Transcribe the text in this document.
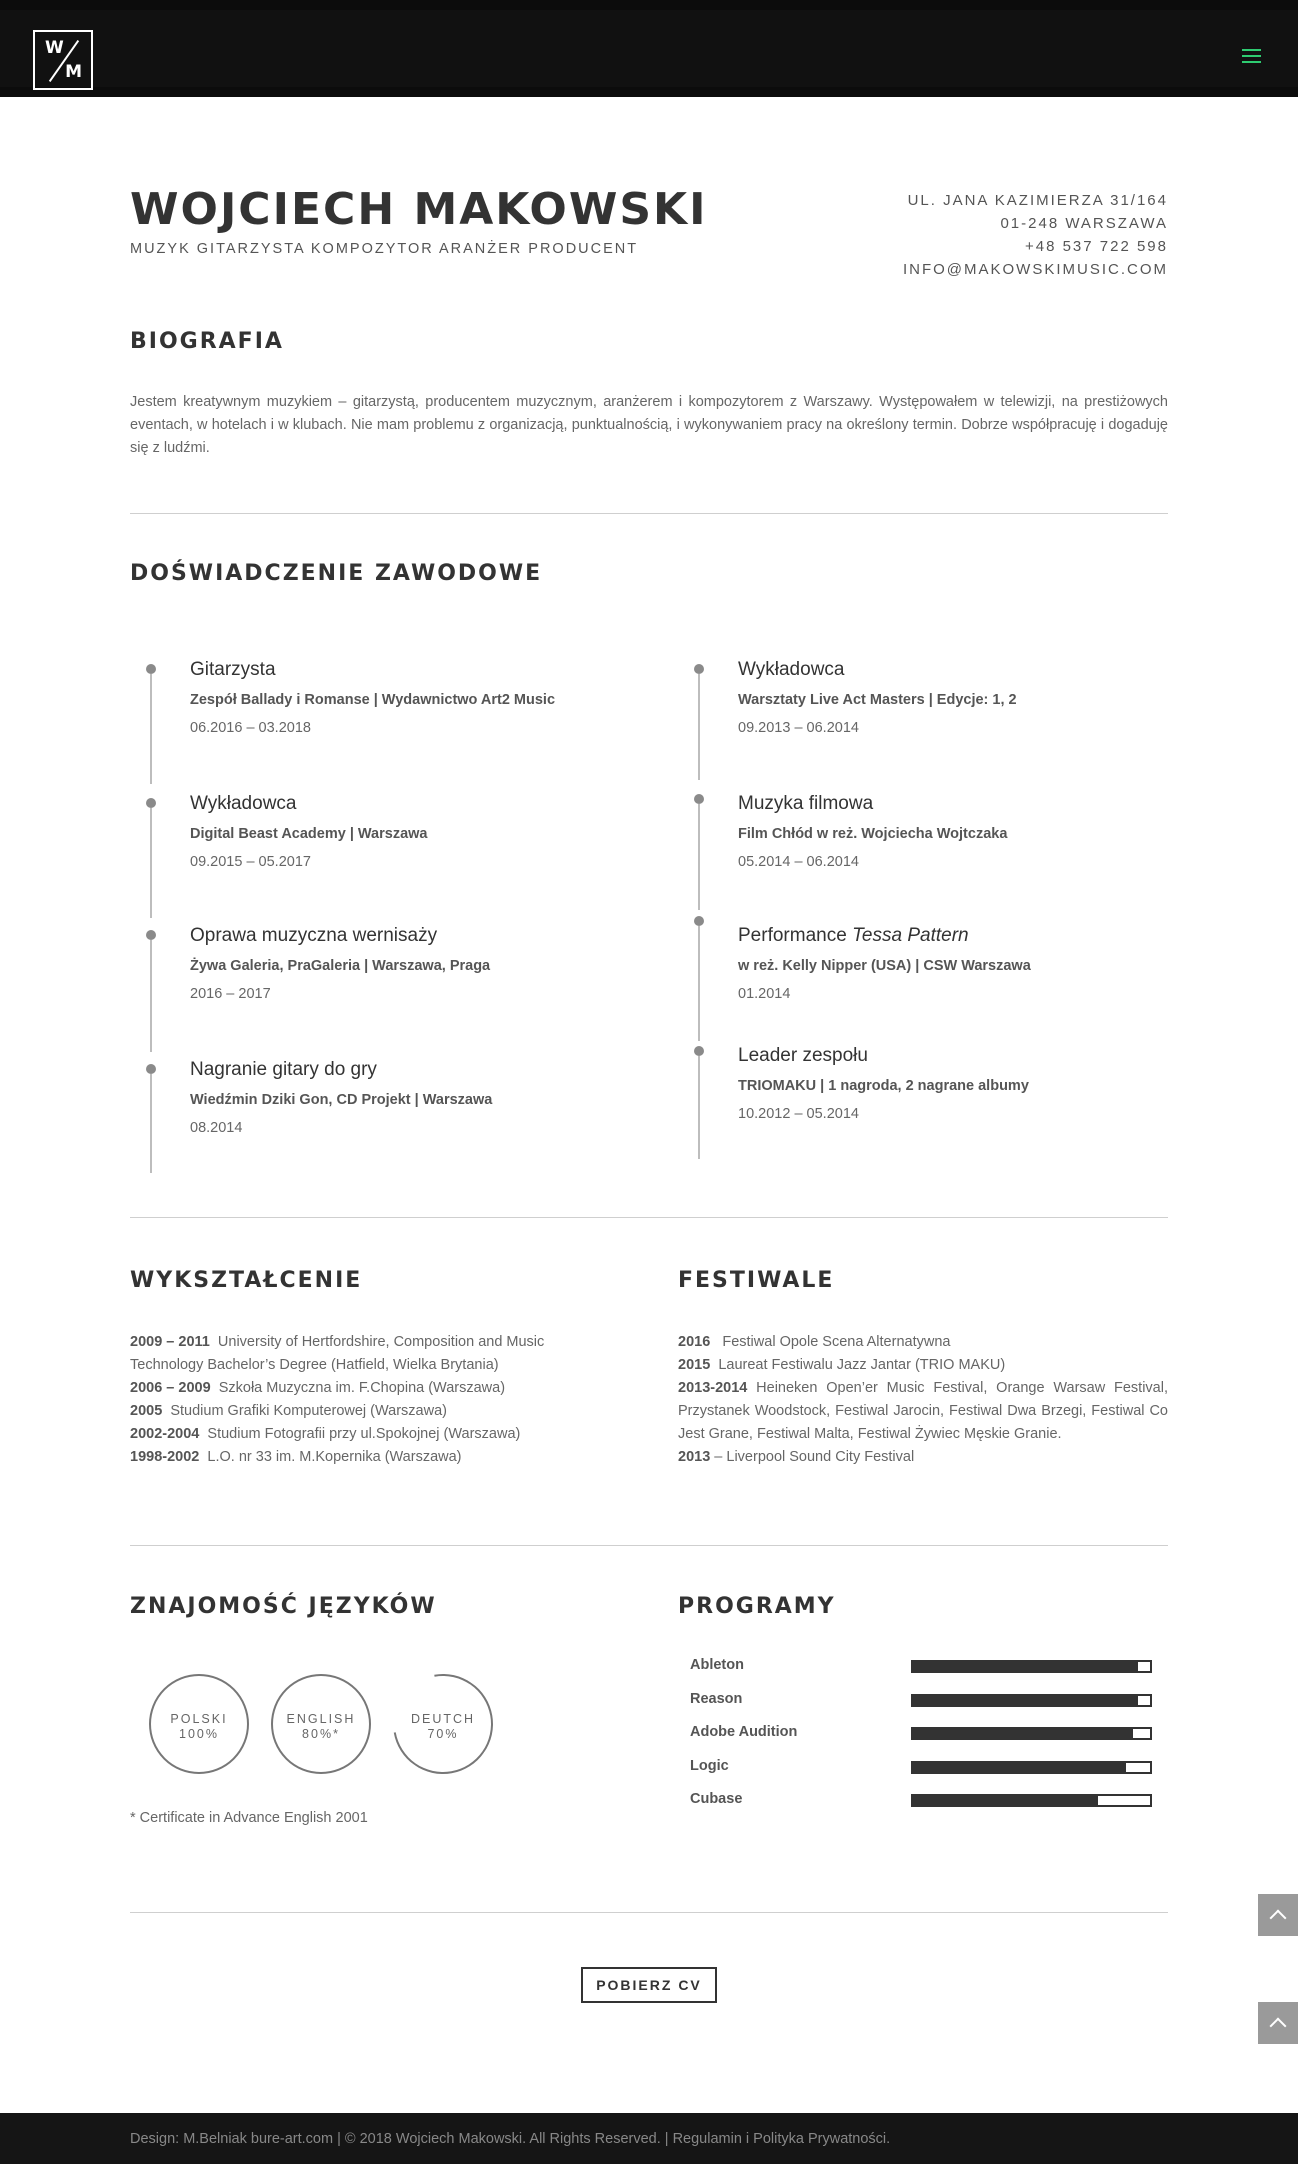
W
M
WOJCIECH MAKOWSKI
MUZYK GITARZYSTA KOMPOZYTOR ARANŻER PRODUCENT
UL. JANA KAZIMIERZA 31/164
01-248 WARSZAWA
+48 537 722 598
INFO@MAKOWSKIMUSIC.COM
BIOGRAFIA

Jestem kreatywnym muzykiem – gitarzystą, producentem muzycznym, aranżerem i kompozytorem z Warszawy. Występowałem w telewizji, na prestiżowych eventach, w hotelach i w klubach. Nie mam problemu z organizacją, punktualnością, i wykonywaniem pracy na określony termin. Dobrze współpracuję i dogaduję się z ludźmi.

DOŚWIADCZENIE ZAWODOWE
Gitarzysta
Zespół Ballady i Romanse | Wydawnictwo Art2 Music
06.2016 – 03.2018
Wykładowca
Digital Beast Academy | Warszawa
09.2015 – 05.2017
Oprawa muzyczna wernisaży
Żywa Galeria, PraGaleria | Warszawa, Praga
2016 – 2017
Nagranie gitary do gry
Wiedźmin Dziki Gon, CD Projekt | Warszawa
08.2014
Wykładowca
Warsztaty Live Act Masters | Edycje: 1, 2
09.2013 – 06.2014
Muzyka filmowa
Film Chłód w reż. Wojciecha Wojtczaka
05.2014 – 06.2014
Performance Tessa Pattern
w reż. Kelly Nipper (USA) | CSW Warszawa
01.2014
Leader zespołu
TRIOMAKU | 1 nagroda, 2 nagrane albumy
10.2012 – 05.2014
WYKSZTAŁCENIE
2009 – 2011 University of Hertfordshire, Composition and Music Technology Bachelor’s Degree (Hatfield, Wielka Brytania)
2006 – 2009 Szkoła Muzyczna im. F.Chopina (Warszawa)
2005 Studium Grafiki Komputerowej (Warszawa)
2002-2004 Studium Fotografii przy ul.Spokojnej (Warszawa)
1998-2002 L.O. nr 33 im. M.Kopernika (Warszawa)
FESTIWALE
2016 Festiwal Opole Scena Alternatywna
2015 Laureat Festiwalu Jazz Jantar (TRIO MAKU)
2013-2014 Heineken Open’er Music Festival, Orange Warsaw Festival, Przystanek Woodstock, Festiwal Jarocin, Festiwal Dwa Brzegi, Festiwal Co Jest Grane, Festiwal Malta, Festiwal Żywiec Męskie Granie.
2013 – Liverpool Sound City Festival
ZNAJOMOŚĆ JĘZYKÓW
POLSKI
100%
ENGLISH
80%*
DEUTCH
70%
* Certificate in Advance English 2001
PROGRAMY
Ableton
Reason
Adobe Audition
Logic
Cubase
POBIERZ CV
Design: M.Belniak bure-art.com | © 2018 Wojciech Makowski. All Rights Reserved. | Regulamin i Polityka Prywatności.
